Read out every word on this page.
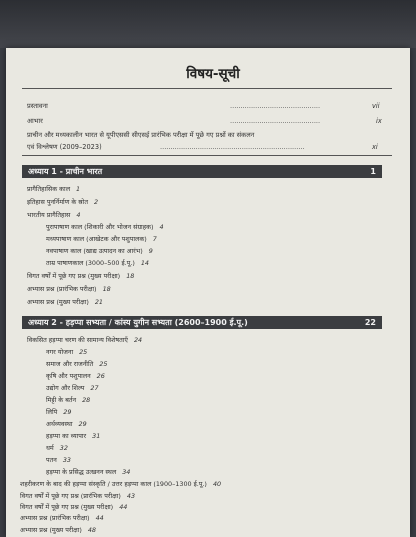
विषय-सूची
प्रस्तावना	...........................................	vii
आभार	...........................................	ix
प्राचीन और मध्यकालीन भारत से यूपीएससी सीएसई प्रारंभिक परीक्षा में पूछे गए प्रश्नों का संकलन
एवं विश्लेषण (2009–2023)	.....................................................................	xi
अध्याय 1 - प्राचीन भारत	1
प्रागैतिहासिक काल 1
इतिहास पुनर्निर्माण के स्रोत 2
भारतीय प्रागैतिहास 4
पुरापाषाण काल (शिकारी और भोजन संग्राहक) 4
मध्यपाषाण काल (आखेटक और पशुपालक) 7
नवपाषाण काल (खाद्य उत्पादन का आरंभ) 9
ताम्र पाषाणकाल (3000–500 ई.पू.) 14
विगत वर्षों में पूछे गए प्रश्न (मुख्य परीक्षा) 18
अभ्यास प्रश्न (प्रारंभिक परीक्षा) 18
अभ्यास प्रश्न (मुख्य परीक्षा) 21
अध्याय 2 - हड़प्पा सभ्यता / कांस्य युगीन सभ्यता (2600–1900 ई.पू.)	22
विकसित हड़प्पा चरण की सामान्य विशेषताएँ 24
नगर योजना 25
समाज और राजनीति 25
कृषि और पशुपालन 26
उद्योग और शिल्प 27
मिट्टी के बर्तन 28
लिपि 29
अर्थव्यवस्था 29
हड़प्पा का व्यापार 31
धर्म 32
पतन 33
हड़प्पा के प्रसिद्ध उत्खनन स्थल 34
शहरीकरण के बाद की हड़प्पा संस्कृति / उत्तर हड़प्पा काल (1900–1300 ई.पू.) 40
विगत वर्षों में पूछे गए प्रश्न (प्रारंभिक परीक्षा) 43
विगत वर्षों में पूछे गए प्रश्न (मुख्य परीक्षा) 44
अभ्यास प्रश्न (प्रारंभिक परीक्षा) 44
अभ्यास प्रश्न (मुख्य परीक्षा) 48
